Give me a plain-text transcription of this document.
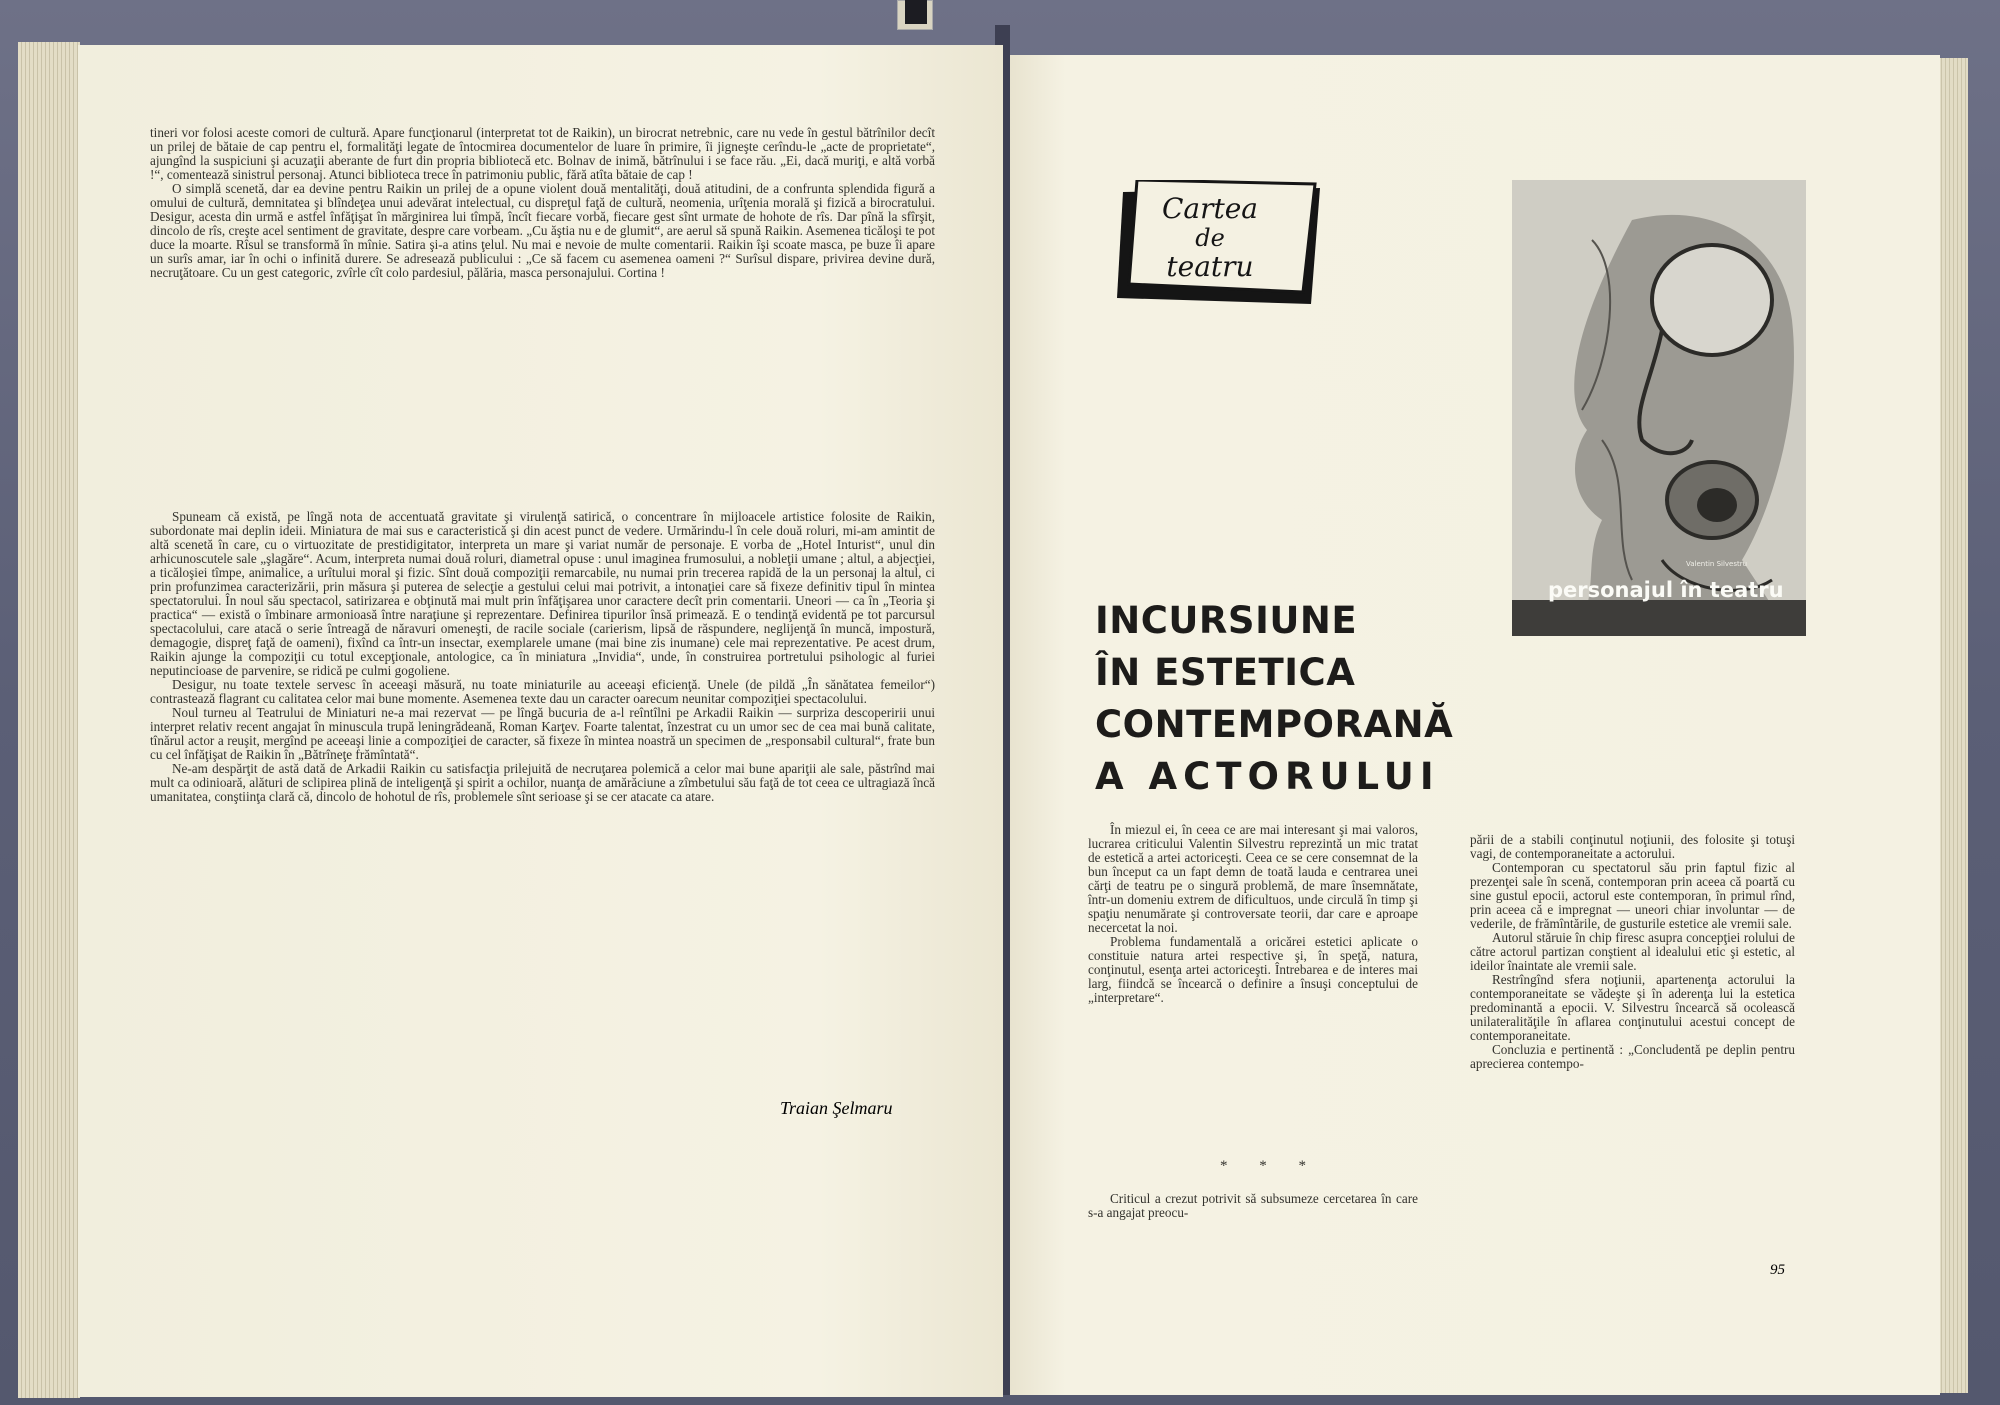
tineri vor folosi aceste comori de cultură. Apare funcţionarul (interpretat tot de Raikin), un birocrat netrebnic, care nu vede în gestul bătrînilor decît un prilej de bătaie de cap pentru el, formalităţi legate de întocmirea documentelor de luare în primire, îi jigneşte cerîndu-le „acte de proprietate“, ajungînd la suspiciuni şi acuzaţii aberante de furt din propria bibliotecă etc. Bolnav de inimă, bătrînului i se face rău. „Ei, dacă muriţi, e altă vorbă !“, comentează sinistrul personaj. Atunci biblioteca trece în patrimoniu public, fără atîta bătaie de cap !

O simplă scenetă, dar ea devine pentru Raikin un prilej de a opune violent două mentalităţi, două atitudini, de a confrunta splendida figură a omului de cultură, demnitatea şi blîndeţea unui adevărat intelectual, cu dispreţul faţă de cultură, neomenia, urîţenia morală şi fizică a birocratului. Desigur, acesta din urmă e astfel înfăţişat în mărginirea lui tîmpă, încît fiecare vorbă, fiecare gest sînt urmate de hohote de rîs. Dar pînă la sfîrşit, dincolo de rîs, creşte acel sentiment de gravitate, despre care vorbeam. „Cu ăştia nu e de glumit“, are aerul să spună Raikin. Asemenea ticăloşi te pot duce la moarte. Rîsul se transformă în mînie. Satira şi-a atins ţelul. Nu mai e nevoie de multe comentarii. Raikin îşi scoate masca, pe buze îi apare un surîs amar, iar în ochi o infinită durere. Se adresează publicului : „Ce să facem cu asemenea oameni ?“ Surîsul dispare, privirea devine dură, necruţătoare. Cu un gest categoric, zvîrle cît colo pardesiul, pălăria, masca personajului. Cortina !

Spuneam că există, pe lîngă nota de accentuată gravitate şi virulenţă satirică, o concentrare în mijloacele artistice folosite de Raikin, subordonate mai deplin ideii. Miniatura de mai sus e caracteristică şi din acest punct de vedere. Urmărindu-l în cele două roluri, mi-am amintit de altă scenetă în care, cu o virtuozitate de prestidigitator, interpreta un mare şi variat număr de personaje. E vorba de „Hotel Inturist“, unul din arhicunoscutele sale „şlagăre“. Acum, interpreta numai două roluri, diametral opuse : unul imaginea frumosului, a nobleţii umane ; altul, a abjecţiei, a ticăloşiei tîmpe, animalice, a urîtului moral şi fizic. Sînt două compoziţii remarcabile, nu numai prin trecerea rapidă de la un personaj la altul, ci prin profunzimea caracterizării, prin măsura şi puterea de selecţie a gestului celui mai potrivit, a intonaţiei care să fixeze definitiv tipul în mintea spectatorului. În noul său spectacol, satirizarea e obţinută mai mult prin înfăţişarea unor caractere decît prin comentarii. Uneori — ca în „Teoria şi practica“ — există o îmbinare armonioasă între naraţiune şi reprezentare. Definirea tipurilor însă primează. E o tendinţă evidentă pe tot parcursul spectacolului, care atacă o serie întreagă de năravuri omeneşti, de racile sociale (carierism, lipsă de răspundere, neglijenţă în muncă, impostură, demagogie, dispreţ faţă de oameni), fixînd ca într-un insectar, exemplarele umane (mai bine zis inumane) cele mai reprezentative. Pe acest drum, Raikin ajunge la compoziţii cu totul excepţionale, antologice, ca în miniatura „Invidia“, unde, în construirea portretului psihologic al furiei neputincioase de parvenire, se ridică pe culmi gogoliene.

Desigur, nu toate textele servesc în aceeaşi măsură, nu toate miniaturile au aceeaşi eficienţă. Unele (de pildă „În sănătatea femeilor“) contrastează flagrant cu calitatea celor mai bune momente. Asemenea texte dau un caracter oarecum neunitar compoziţiei spectacolului.

Noul turneu al Teatrului de Miniaturi ne-a mai rezervat — pe lîngă bucuria de a-l reîntîlni pe Arkadii Raikin — surpriza descoperirii unui interpret relativ recent angajat în minuscula trupă leningrădeană, Roman Karţev. Foarte talentat, înzestrat cu un umor sec de cea mai bună calitate, tînărul actor a reuşit, mergînd pe aceeaşi linie a compoziţiei de caracter, să fixeze în mintea noastră un specimen de „responsabil cultural“, frate bun cu cel înfăţişat de Raikin în „Bătrîneţe frămîntată“.

Ne-am despărţit de astă dată de Arkadii Raikin cu satisfacţia prilejuită de necruţarea polemică a celor mai bune apariţii ale sale, păstrînd mai mult ca odinioară, alături de sclipirea plină de inteligenţă şi spirit a ochilor, nuanţa de amărăciune a zîmbetului său faţă de tot ceea ce ultragiază încă umanitatea, conştiinţa clară că, dincolo de hohotul de rîs, problemele sînt serioase şi se cer atacate ca atare.

Traian Şelmaru
Cartea
de
teatru
Valentin Silvestru
personajul în teatru
INCURSIUNE
ÎN ESTETICA
CONTEMPORANĂ
A ACTORULUI

În miezul ei, în ceea ce are mai interesant şi mai valoros, lucrarea criticului Valentin Silvestru reprezintă un mic tratat de estetică a artei actoriceşti. Ceea ce se cere consemnat de la bun început ca un fapt demn de toată lauda e centrarea unei cărţi de teatru pe o singură problemă, de mare însemnătate, într-un domeniu extrem de dificultuos, unde circulă în timp şi spaţiu nenumărate şi controversate teorii, dar care e aproape necercetat la noi.

Problema fundamentală a oricărei estetici aplicate o constituie natura artei respective şi, în speţă, natura, conţinutul, esenţa artei actoriceşti. Întrebarea e de interes mai larg, fiindcă se încearcă o definire a însuşi conceptului de „interpretare“.

* * *

Criticul a crezut potrivit să subsumeze cercetarea în care s-a angajat preocu-

pării de a stabili conţinutul noţiunii, des folosite şi totuşi vagi, de contemporaneitate a actorului.

Contemporan cu spectatorul său prin faptul fizic al prezenţei sale în scenă, contemporan prin aceea că poartă cu sine gustul epocii, actorul este contemporan, în primul rînd, prin aceea că e impregnat — uneori chiar involuntar — de vederile, de frămîntările, de gusturile estetice ale vremii sale.

Autorul stăruie în chip firesc asupra concepţiei rolului de către actorul partizan conştient al idealului etic şi estetic, al ideilor înaintate ale vremii sale.

Restrîngînd sfera noţiunii, apartenenţa actorului la contemporaneitate se vădeşte şi în aderenţa lui la estetica predominantă a epocii. V. Silvestru încearcă să ocolească unilateralităţile în aflarea conţinutului acestui concept de contemporaneitate.

Concluzia e pertinentă : „Concludentă pe deplin pentru aprecierea contempo-

95
